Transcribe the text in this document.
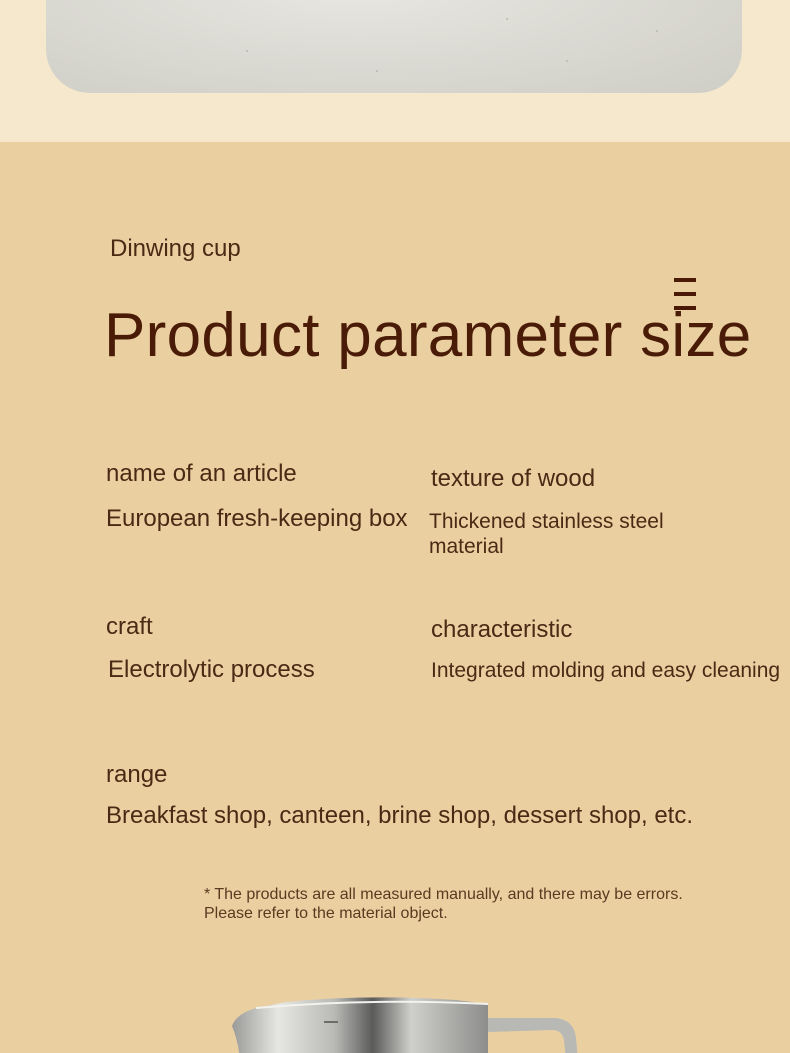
Dinwing cup
Product parameter size
name of an article
European fresh-keeping box
texture of wood
Thickened stainless steel material
craft
Electrolytic process
characteristic
Integrated molding and easy cleaning
range
Breakfast shop, canteen, brine shop, dessert shop, etc.
* The products are all measured manually, and there may be errors. Please refer to the material object.
